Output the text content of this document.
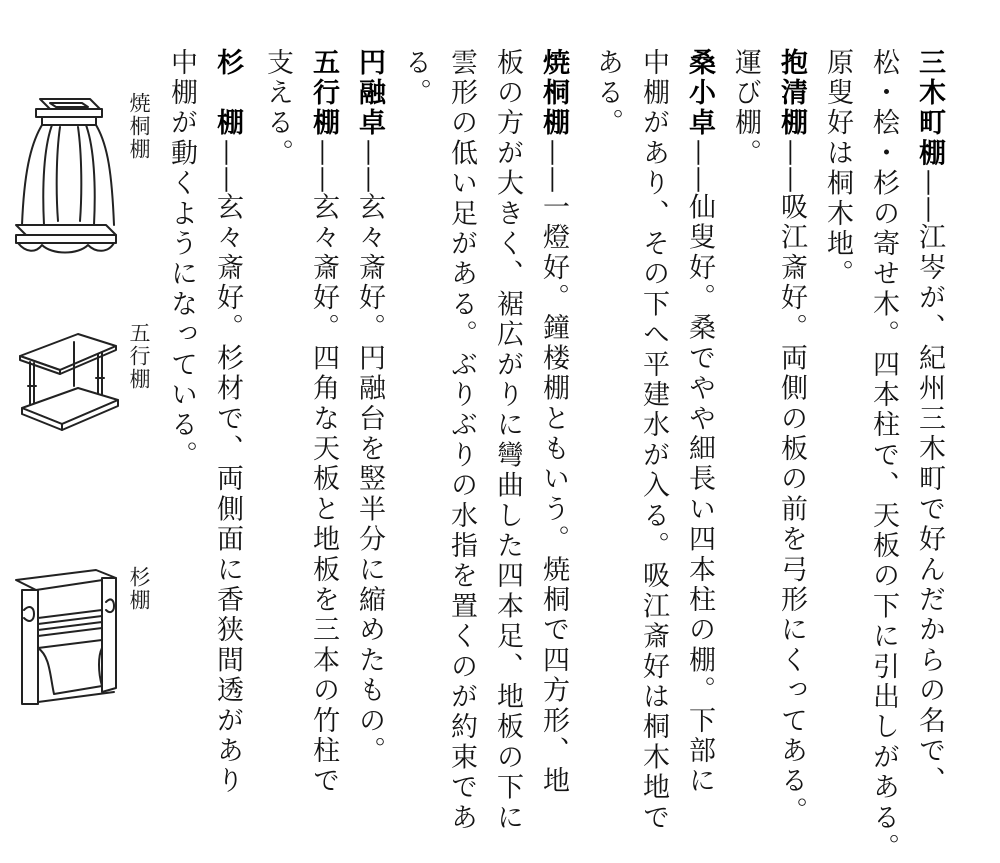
三木町棚——江岑が、紀州三木町で好んだからの名で、
松・桧・杉の寄せ木。四本柱で、天板の下に引出しがある。
原叟好は桐木地。
抱清棚——吸江斎好。両側の板の前を弓形にくってある。
運び棚。
桑小卓——仙叟好。桑でやや細長い四本柱の棚。下部に
中棚があり、その下へ平建水が入る。吸江斎好は桐木地で
ある。
焼桐棚——一燈好。鐘楼棚ともいう。焼桐で四方形、地
板の方が大きく、裾広がりに彎曲した四本足、地板の下に
雲形の低い足がある。ぶりぶりの水指を置くのが約束であ
る。
円融卓——玄々斎好。円融台を竪半分に縮めたもの。
五行棚——玄々斎好。四角な天板と地板を三本の竹柱で
支える。
杉　棚——玄々斎好。杉材で、両側面に香狭間透があり
中棚が動くようになっている。
焼桐棚
五行棚
杉棚
